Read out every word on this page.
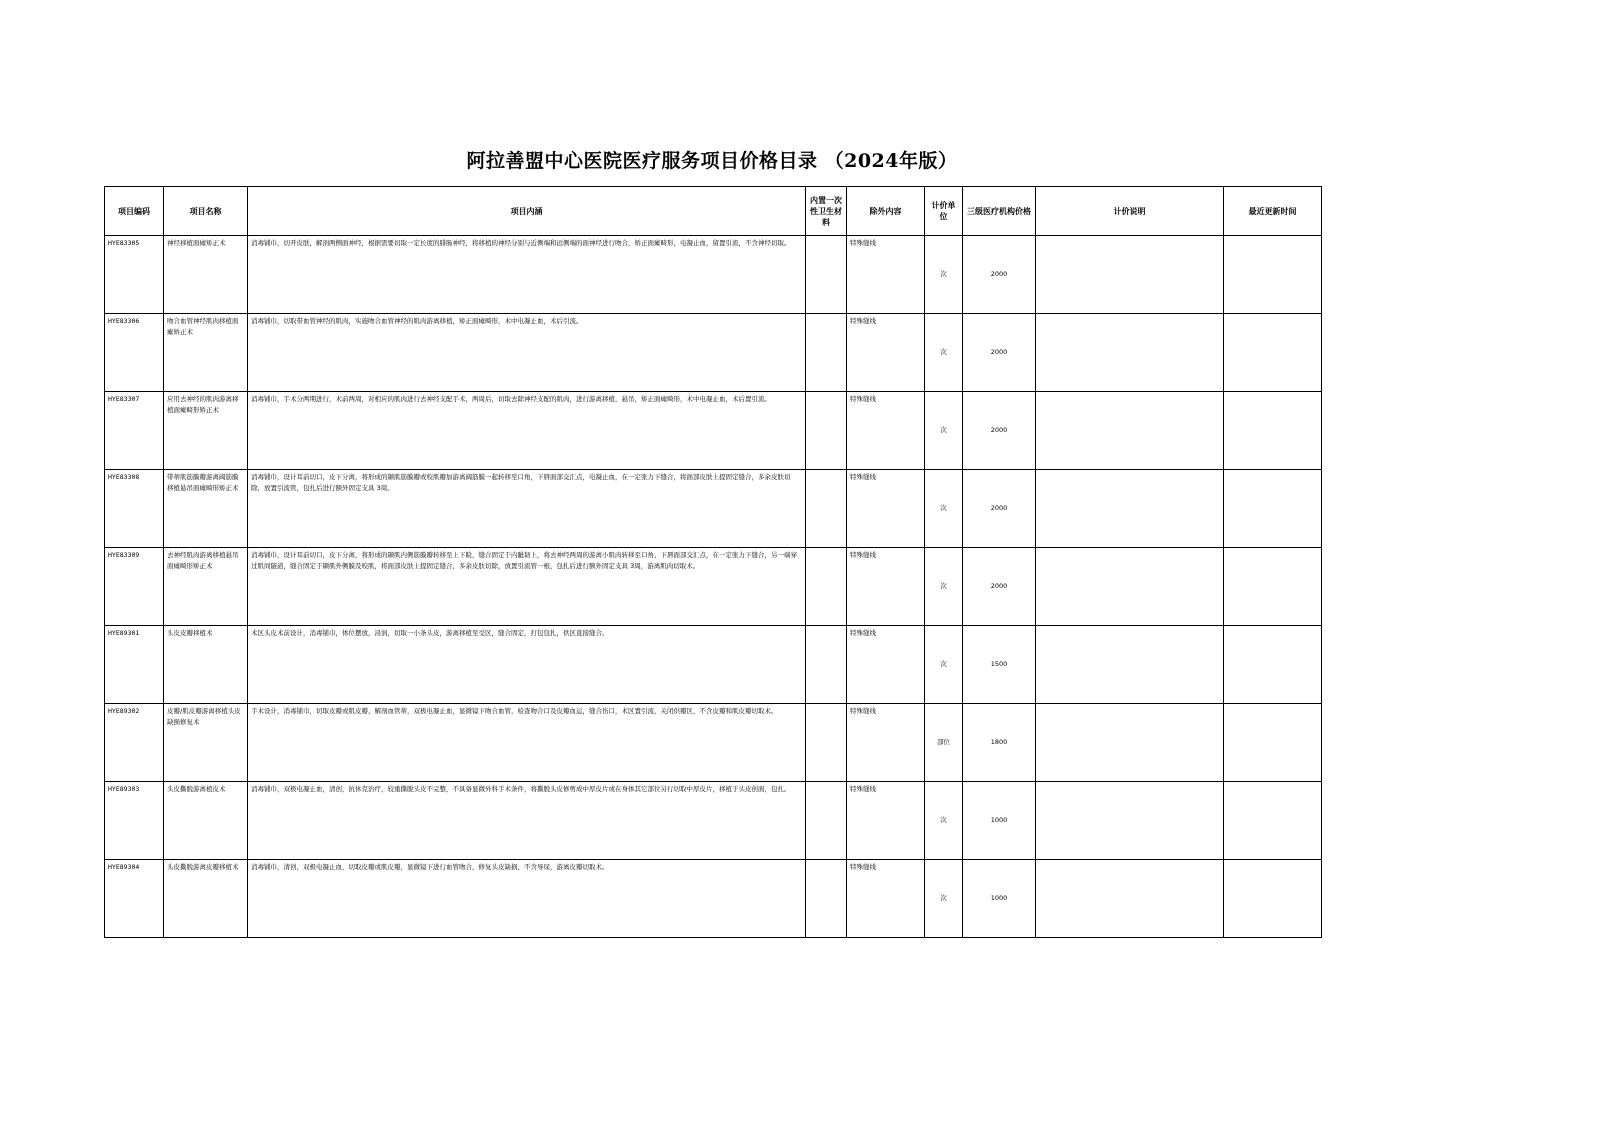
阿拉善盟中心医院医疗服务项目价格目录 （2024年版）
项目编码	项目名称	项目内涵	内置一次性卫生材料	除外内容	计价单位	三级医疗机构价格	计价说明	最近更新时间
HYE83305	神经移植面瘫矫正术	消毒铺巾，切开皮肤，解剖两侧面神经，根据需要切取一定长度的腓肠神经，将移植的神经分别与近侧端和远侧端的面神经进行吻合，矫正面瘫畸形，电凝止血，留置引流，不含神经切取。		特殊缝线	次	2000		
HYE83306	吻合血管神经肌肉移植面瘫矫正术	消毒铺巾，切取带血管神经的肌肉，实施吻合血管神经的肌肉游离移植，矫正面瘫畸形，术中电凝止血，术后引流。		特殊缝线	次	2000		
HYE83307	应用去神经的肌肉游离移植面瘫畸形矫正术	消毒铺巾，手术分两期进行，术前两周，对相应的肌肉进行去神经支配手术，两周后，切取去除神经支配的肌肉，进行游离移植，悬吊，矫正面瘫畸形，术中电凝止血，术后置引流。		特殊缝线	次	2000		
HYE83308	带蒂肌筋膜瓣游离阔筋膜移植悬吊面瘫畸形矫正术	消毒铺巾，设计耳前切口，皮下分离，将形成的颞肌筋膜瓣或咬肌瓣加游离阔筋膜一起转移至口角，下唇面部交汇点，电凝止血，在一定张力下缝合，将面部皮肤上提固定缝合，多余皮肤切除，放置引流管，包扎后进行额外固定支具 3周。		特殊缝线	次	2000		
HYE83309	去神经肌肉游离移植悬吊面瘫畸形矫正术	消毒铺巾，设计耳前切口，皮下分离，将形成的颞肌内侧筋膜瓣转移至上下睑，缝合固定于内眦韧上，将去神经两周的游离小肌肉转移至口角、下唇面部交汇点，在一定张力下缝合，另一端穿过肌间隧道，缝合固定于颞肌外侧膜及咬肌，将面部皮肤上提固定缝合，多余皮肤切除，放置引流管一根，包扎后进行额外固定支具 3周，游离肌肉切取术。		特殊缝线	次	2000		
HYE89301	头皮皮瓣移植术	术区头皮术前设计，消毒铺巾，体位摆放，浸润，切取一小条头皮，游离移植至受区，缝合固定，打包包扎，供区直接缝合。		特殊缝线	次	1500		
HYE89302	皮瓣/肌皮瓣游离移植头皮缺损修复术	手术设计，消毒铺巾，切取皮瓣或肌皮瓣，解剖血管蒂，双极电凝止血，显微镜下吻合血管，检查吻合口及皮瓣血运，缝合伤口，术区置引流，关闭供瓣区，不含皮瓣和肌皮瓣切取术。		特殊缝线	部位	1800		
HYE89303	头皮撕脱游离植皮术	消毒铺巾，双极电凝止血，清创，抗休克治疗，较重撕脱头皮不完整，不具备显微外科手术条件，将撕脱头皮修剪成中厚皮片或在身体其它部位另行切取中厚皮片，移植于头皮创面，包扎。		特殊缝线	次	1000		
HYE89304	头皮撕脱游离皮瓣移植术	消毒铺巾，清创，双极电凝止血，切取皮瓣或肌皮瓣，显微镜下进行血管吻合，修复头皮缺损，不含导尿，游离皮瓣切取术。		特殊缝线	次	1000		
